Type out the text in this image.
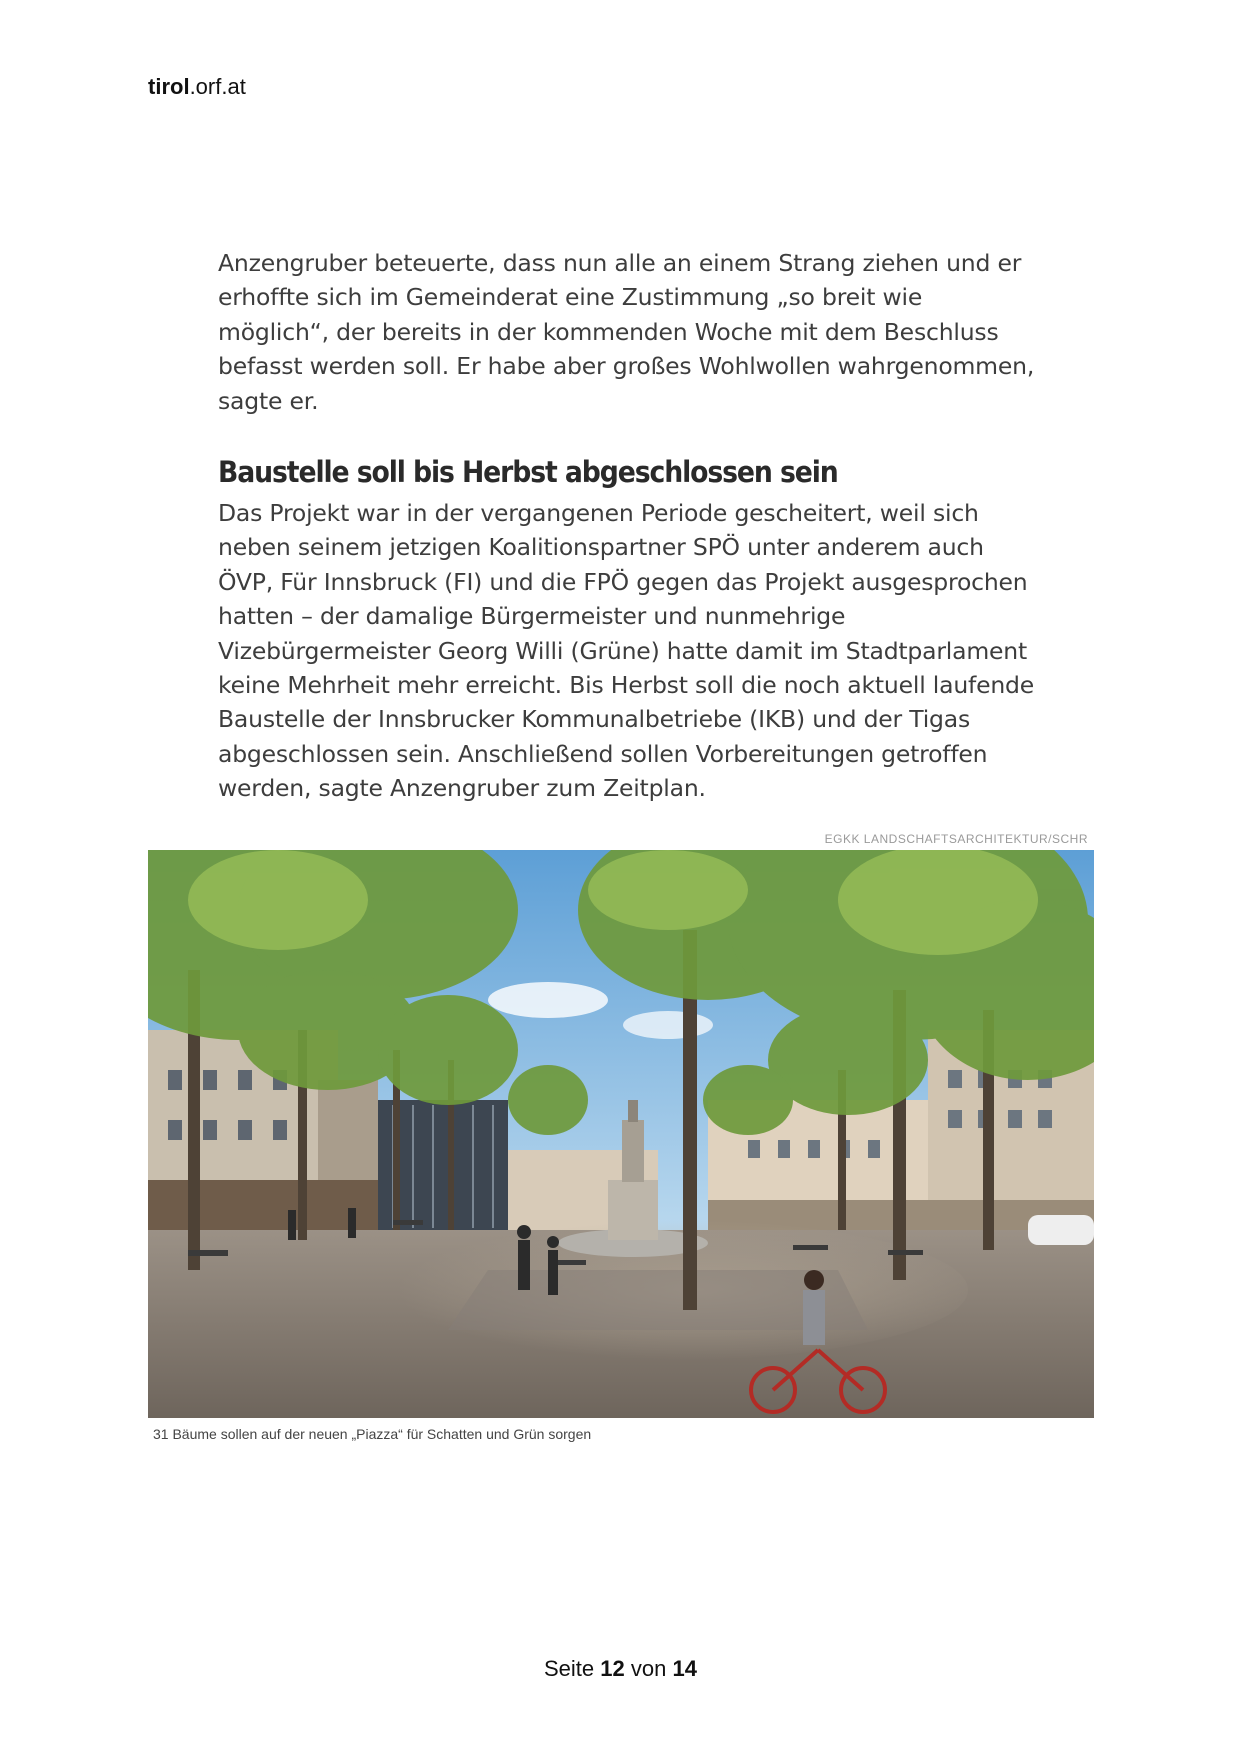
tirol.orf.at

Anzengruber beteuerte, dass nun alle an einem Strang ziehen und er erhoffte sich im Gemeinderat eine Zustimmung „so breit wie möglich“, der bereits in der kommenden Woche mit dem Beschluss befasst werden soll. Er habe aber großes Wohlwollen wahrgenommen, sagte er.

Baustelle soll bis Herbst abgeschlossen sein

Das Projekt war in der vergangenen Periode gescheitert, weil sich neben seinem jetzigen Koalitionspartner SPÖ unter anderem auch ÖVP, Für Innsbruck (FI) und die FPÖ gegen das Projekt ausgesprochen hatten – der damalige Bürgermeister und nunmehrige Vizebürgermeister Georg Willi (Grüne) hatte damit im Stadtparlament keine Mehrheit mehr erreicht. Bis Herbst soll die noch aktuell laufende Baustelle der Innsbrucker Kommunalbetriebe (IKB) und der Tigas abgeschlossen sein. Anschließend sollen Vorbereitungen getroffen werden, sagte Anzengruber zum Zeitplan.

EGKK LANDSCHAFTSARCHITEKTUR/SCHR
31 Bäume sollen auf der neuen „Piazza“ für Schatten und Grün sorgen
Seite 12 von 14
